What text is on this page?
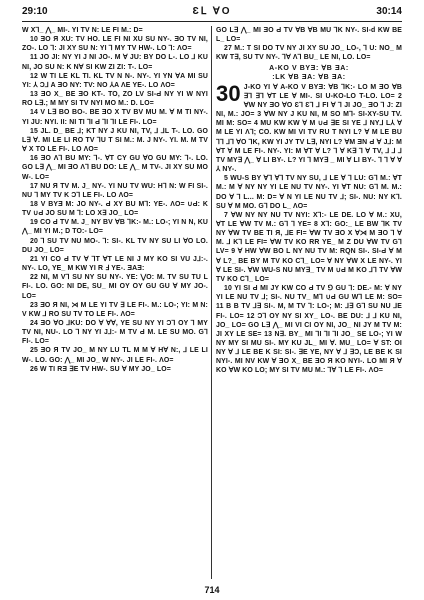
29:10	ƐԼ ∀O	30:14

W X⅂_ ⋀_ MI-. YI TV N: LE FI M.: D=

10 ƎO Я XU: TV HO. LE FI NI XU SU NY-. ƎO TV NI, ZO-. LO ⅂: JI XY SU N: YI ⅂ MY TV HW-. LO ⅂: ΛO=

11 JO JI: NY YI J NI JO-. M ∀ JU: BY DO L-. LO ⅃ KU NI, JO SU N: K N∀ SI KW ZI ZI: T-. LO=

12 W TI LE KL TI. KL TV N N-. NY-. YI YN ∀A MI SU YI: ⅄ Ɔ⅃ A ƎO NY: TV: NO ⅄A ΛE YE-. LO ΛO=

13 ƎO X_ BE ƎO KT-. TO, ZO LV SI-Ԁ NY YI W NYI RO L∃.; M MY SI TV NYI MO M.: D. LO=

14 V L∃ BO BO-. BE ƎO X TV BV MU M. ∀ M TI NY-. YI JU: NYI. II: NI TI ⅂I Ԁ ⅂I ⅂I LE FI-. LO=

15 JL. D_ BE ⅃; KT NY J KU NI, TV, ⅃ ⅃L T-. LO. GO L∃ ∀. MI LE LI RO TV ⅂U T SI M.: M. J NY-. YI. M. M TV ∀ X TO LE FI-. LO ΛO=

16 ƎO Ʌ⅂ BU MY: ⅂-. ∀T CY GU ∀O GU MY: ⅂-. LO. GO L∃ ⋀_ MI ƎO Ʌ⅂ BU DO: LE ⋀_ M TV-. JI XY SU MO W-. LO=

17 NU Я TV M. J_ NY-. YI NU TV WU: H⅂ N: W FI SI-. NU ⅂ MY TV K Ɔ⅂ LE FI-. LO ΛO=

18 V BYƎ M: JO NY-. Ԁ XY BU M⅂: YE-. ΛO= ∪Ԁ: K TV ∪Ԁ JO SU M ⅂: LO X∃ JO_ LO=

19 CO Ԁ TV M. J_ NY BV ∀B ⅂K:- M.: LO-; YI N N, KU ⋀_ MI YI M.; D TO:- LO=

20 ⅂ SU TV NU MO-. ⅂: SI-. KL TV NY SU LI ∀O LO. DU JO_ LO=

21 YI CO Ԁ TV ∀ ⅂T ∀T LE NI J MY KO SI VU J⅃:-. NY-. LO, YE_ M KW YI R Ⅎ YE-. ƎAƎ:

22 NI, M V⅂ SU NY SU NY-. YE: ⋁O: M. TV SU TU L FI-. LO. GO: NI DE, SU_ MI OY OY GU GU ∀ MY JO-. LO=

23 ƎO Я NI, ⋊ M LE YI TV ∃ LE FI-. M.: LO-; YI: M N: V KW ⅃ RO SU TV TO LE FI-. ΛO=

24 ƎO ∀O ⅃KU: DO ∀ ∀Ɐ, YE SU NY YI Ɔ⅂ OY ⅂ MY TV NI, NU-. LO ⅂ NY YI J⅃:- M TV Ԁ M. LE SU MO. G⅂ FI-. LO=

25 ƎO Я TV JO_ M NY LU TL M M ∀ H∀ N:, ⅃ LE LI W-. LO. GO: ⋀_ MI JO_ W NY-. JI LE FI-. ΛO=

26 W TI RƎ ∃E TV HW-. SU ∀ MY JO_ LO=

GO L∃ ⋀_ MI ƎO Ԁ TV ∀B ∀B MU ⅂K NY-. SI-d KW BE L_ LO=

27 M.: T SI DO TV NY JI XY SU JO_ LO-, ⅂ U: NO_ M KW T∃, SU TV NY-. ⅂∀ Ʌ⅂ BU_ LE NI, LO. LO=

A-KO V BYƎ: ∀B ƎA:
:LK ∀B ƎA: ∀B ƎA:
30 J-KO YI ∀ A-KO V BYƎ: ∀B ⅂K:- LO M ƎO ∀B ∃⅂ ∃⅂ ∀T LE ∀ MI-. SI U-KO-LO T-LO. LO= 2 ∀W NY ƎO ∀O Ɛ⅂ Ɛ⅂ ⅃ FI ∀ ⅂ JI JO_ ƎO ⅂ J: ZI NI, M.: JO= 3 ∀W NY J KU NI, M SO M⅂- SI-XY-SU TV. MI M: SO= 4 MU KW KW ∀ M ∪Ԁ ∃E SI YE ⅃ NY⅃ L⅄ ∀ M LE YI Ʌ⅂; CO. KW MI VI TV RU T NYI L? ∀ M LE BU ⅂⅂ ⅃⅂ ∀O ⅂K, KW YI JY TV L∃, NYI L? ∀M ƎN Ԁ ∀ J⅃: M ∀T ∀ M LE FI-. NY-. YI: M ∀T ∀ L? ⅂ ∀ K∃ ⅂ ∀ TV, ⅃ ⅃ ⅃ TV MY∃ ⋀_ ∀ LI BY-. L? YI ⅂ MY∃ _ MI ∀ LI BY-. ⅂ ⅂ ∀ ∀ ⅄ NY-.

5 WU-S BY ∀⅂ ∀⅂ TV NY SU, ⅃ LE ∀ ⅂ LU: G⅂ M.: ∀T M.: M ∀ NY NY YI LE NU TV NY-. YI ∀T NU: G⅂ M. M.: DO ∀ ⅂ L... M: D= ∀ N YI LE NU TV ⅃; SI-. NU: NY K⅂. SU ∀ M MO. G⅂ DO L_ ΛO=

7 ∀W NY NY NU TV NYI: X⅂:- LE DE. LO ∀ M.: XU, ∀T LE ∀W TV M.: G⅂ ⅂ YE= 8 X⅂: GO:_ LE BW ⅂K TV NY ∀W TV BE TI Я, ⅃E FI= ∀W TV ƎO X ∀⋊ M ƎO ⅂ ∀ M. ⅃ K⅂ LE FI= ∀W TV KO RR YE_ M Z DU ∀W TV G⅂ LV= 9 ∀ HW ∀W BO L NY NU TV M: RQN SI-. SI-Ԁ ∀ M ∀ L?_ BE BY M TV KO C⅂_ LO= ∀ NY ∀W X LE NY-. YI ∀ LE SI-. ∀W WU-S NU MY∃_ TV M ∪Ԁ M KO ⅃⅂ TV ∀W TV KO C⅂_ LO=

10 YI SI Ԁ MI JY KW CO Ԁ TV ⅁ GU ⅂: DE.- M: ∀ NY YI LE NU TV ⅃; SI-. NU TV_ M⅂ ∪Ԁ GU W⅂ LE M: SO= 11 B B TV ⅃∃ SI-. M, M TV ⅂: LO-; M: ⅃∃ G⅂ SU NU ⅃E FI-. LO= 12 Ɔ⅂ OY NY SI XY_ LO-. BE DU: ⅃ ⅃ KU NI, JO_ LO= GO L∃ ⋀_ MI VI CI OY NI, JO_ NI JY M TV M: JI XY LE SE= 13 N∃. BY_ MI ⅂I ⅂I ⅂I JO_ SE LO-; YI W NY MY SI MU SI-. MY KU JL_ MI ∀. MU_ LO= ∀ ST: OI NY ∀ ⅃ LE BE K SI: SI-. ∃E YE, NY ∀ ⅃ ∃Ɔ, LE BE K SI NYI-. MI NV KW ∀ ƎO X_ BE ƎO Я KO NYI-. LO MI Я ∀ KO ∀W KO LO; MY SI TV MU M.: ⅂∀ ⅂ LE FI-. ΛO=

714
